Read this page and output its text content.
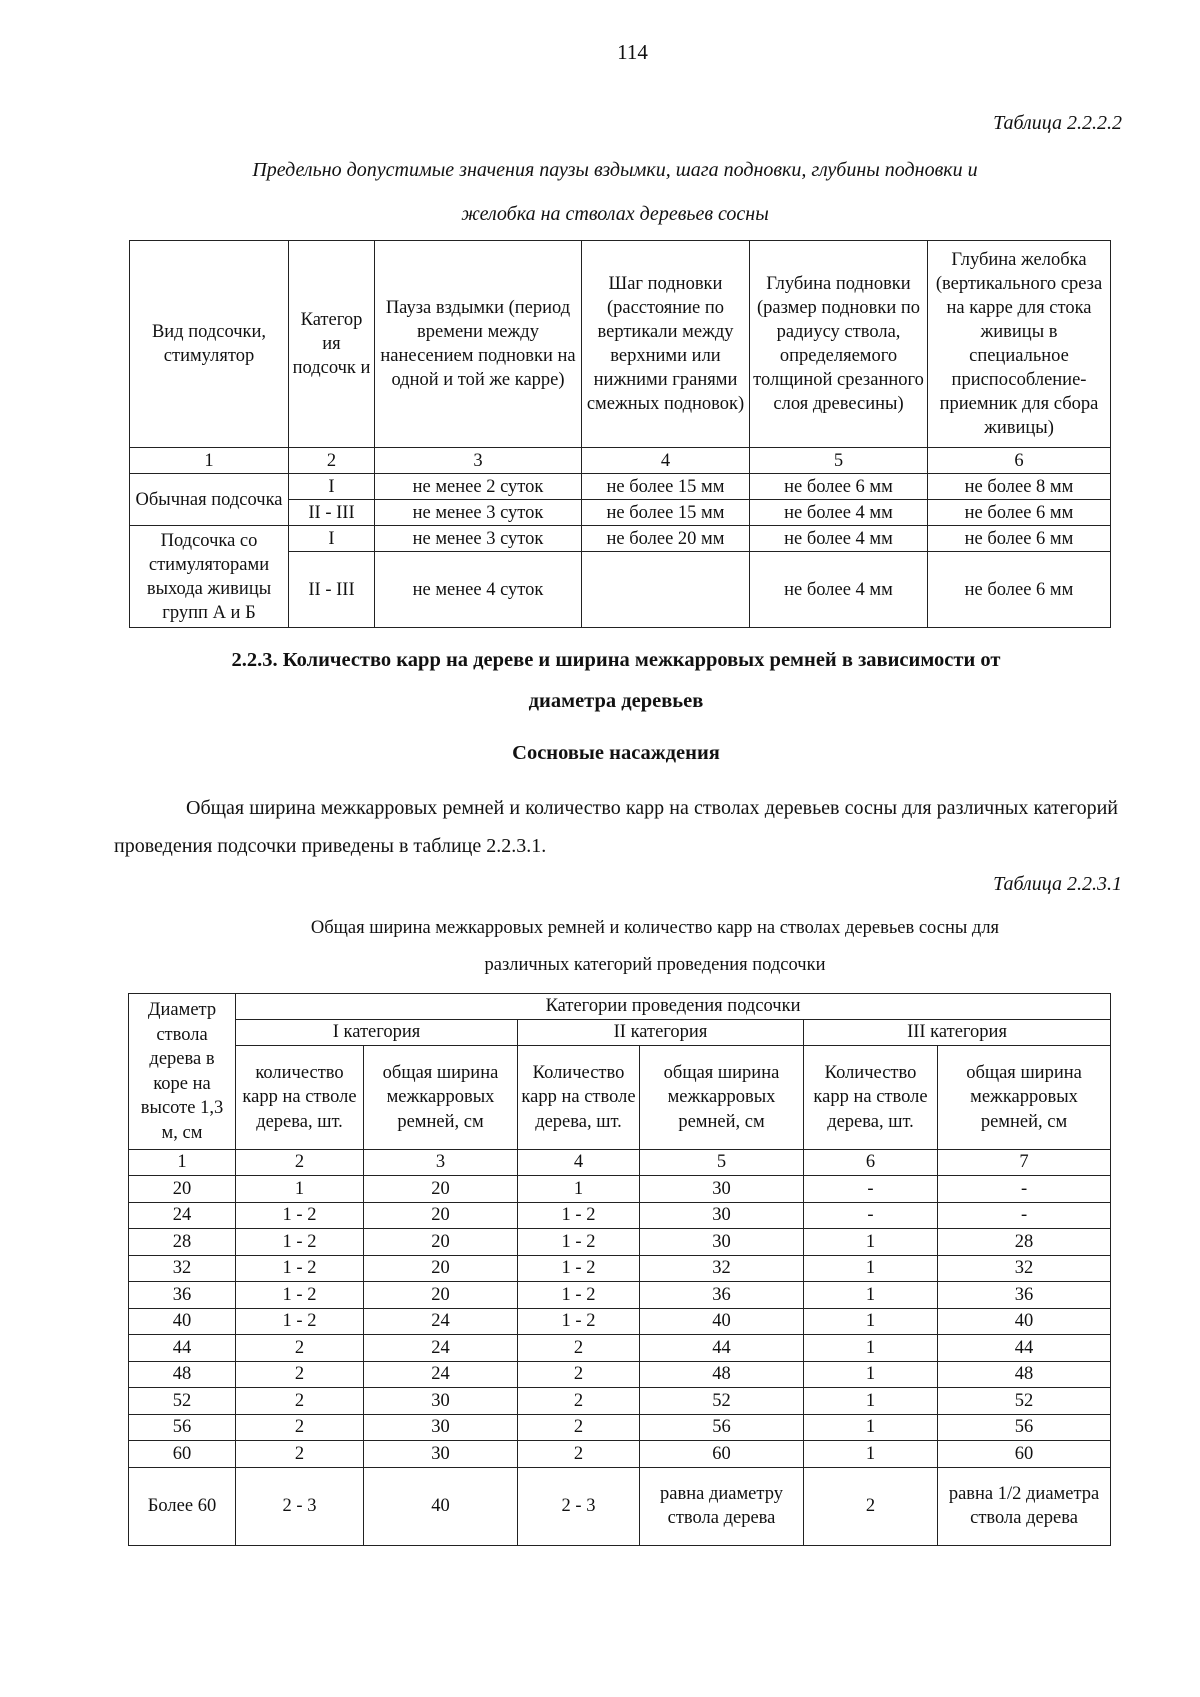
114
Таблица 2.2.2.2
Предельно допустимые значения паузы вздымки, шага подновки, глубины подновки и
желобка на стволах деревьев сосны
Вид подсочки, стимулятор	Категор ия подсочк и	Пауза вздымки (период времени между нанесением подновки на одной и той же карре)	Шаг подновки (расстояние по вертикали между верхними или нижними гранями смежных подновок)	Глубина подновки (размер подновки по радиусу ствола, определяемого толщиной срезанного слоя древесины)	Глубина желобка (вертикального среза на карре для стока живицы в специальное приспособление-приемник для сбора живицы)
1	2	3	4	5	6
Обычная подсочка	I	не менее 2 суток	не более 15 мм	не более 6 мм	не более 8 мм
	II - III	не менее 3 суток	не более 15 мм	не более 4 мм	не более 6 мм
Подсочка со стимуляторами выхода живицы групп А и Б	I	не менее 3 суток	не более 20 мм	не более 4 мм	не более 6 мм
	II - III	не менее 4 суток		не более 4 мм	не более 6 мм
2.2.3. Количество карр на дереве и ширина межкарровых ремней в зависимости от
диаметра деревьев
Сосновые насаждения
Общая ширина межкарровых ремней и количество карр на стволах деревьев сосны для различных категорий проведения подсочки приведены в таблице 2.2.3.1.
Таблица 2.2.3.1
Общая ширина межкарровых ремней и количество карр на стволах деревьев сосны для
различных категорий проведения подсочки
Диаметр ствола дерева в коре на высоте 1,3 м, см	Категории проведения подсочки					
	I категория		II категория		III категория	
	количество карр на стволе дерева, шт.	общая ширина межкарровых ремней, см	Количество карр на стволе дерева, шт.	общая ширина межкарровых ремней, см	Количество карр на стволе дерева, шт.	общая ширина межкарровых ремней, см
1	2	3	4	5	6	7
20	1	20	1	30	-	-
24	1 - 2	20	1 - 2	30	-	-
28	1 - 2	20	1 - 2	30	1	28
32	1 - 2	20	1 - 2	32	1	32
36	1 - 2	20	1 - 2	36	1	36
40	1 - 2	24	1 - 2	40	1	40
44	2	24	2	44	1	44
48	2	24	2	48	1	48
52	2	30	2	52	1	52
56	2	30	2	56	1	56
60	2	30	2	60	1	60
Более 60	2 - 3	40	2 - 3	равна диаметру ствола дерева	2	равна 1/2 диаметра ствола дерева
